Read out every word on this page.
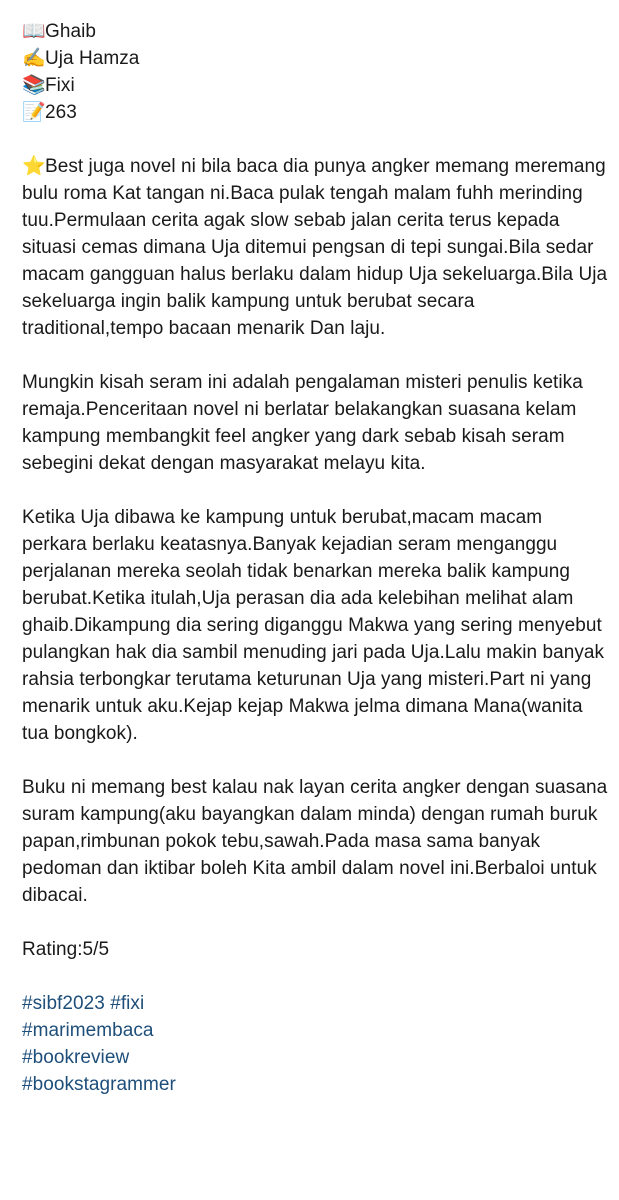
📖Ghaib
✍️Uja Hamza
📚Fixi
📝263

⭐Best juga novel ni bila baca dia punya angker memang meremang bulu roma Kat tangan ni.Baca pulak tengah malam fuhh merinding tuu.Permulaan cerita agak slow sebab jalan cerita terus kepada situasi cemas dimana Uja ditemui pengsan di tepi sungai.Bila sedar macam gangguan halus berlaku dalam hidup Uja sekeluarga.Bila Uja sekeluarga ingin balik kampung untuk berubat secara traditional,tempo bacaan menarik Dan laju.

Mungkin kisah seram ini adalah pengalaman misteri penulis ketika remaja.Penceritaan novel ni berlatar belakangkan suasana kelam kampung membangkit feel angker yang dark sebab kisah seram sebegini dekat dengan masyarakat melayu kita.

Ketika Uja dibawa ke kampung untuk berubat,macam macam perkara berlaku keatasnya.Banyak kejadian seram menganggu perjalanan mereka seolah tidak benarkan mereka balik kampung berubat.Ketika itulah,Uja perasan dia ada kelebihan melihat alam ghaib.Dikampung dia sering diganggu Makwa yang sering menyebut pulangkan hak dia sambil menuding jari pada Uja.Lalu makin banyak rahsia terbongkar terutama keturunan Uja yang misteri.Part ni yang menarik untuk aku.Kejap kejap Makwa jelma dimana Mana(wanita tua bongkok).

Buku ni memang best kalau nak layan cerita angker dengan suasana suram kampung(aku bayangkan dalam minda) dengan rumah buruk papan,rimbunan pokok tebu,sawah.Pada masa sama banyak pedoman dan iktibar boleh Kita ambil dalam novel ini.Berbaloi untuk dibacai.

Rating:5/5

#sibf2023 #fixi
#marimembaca
#bookreview
#bookstagrammer
